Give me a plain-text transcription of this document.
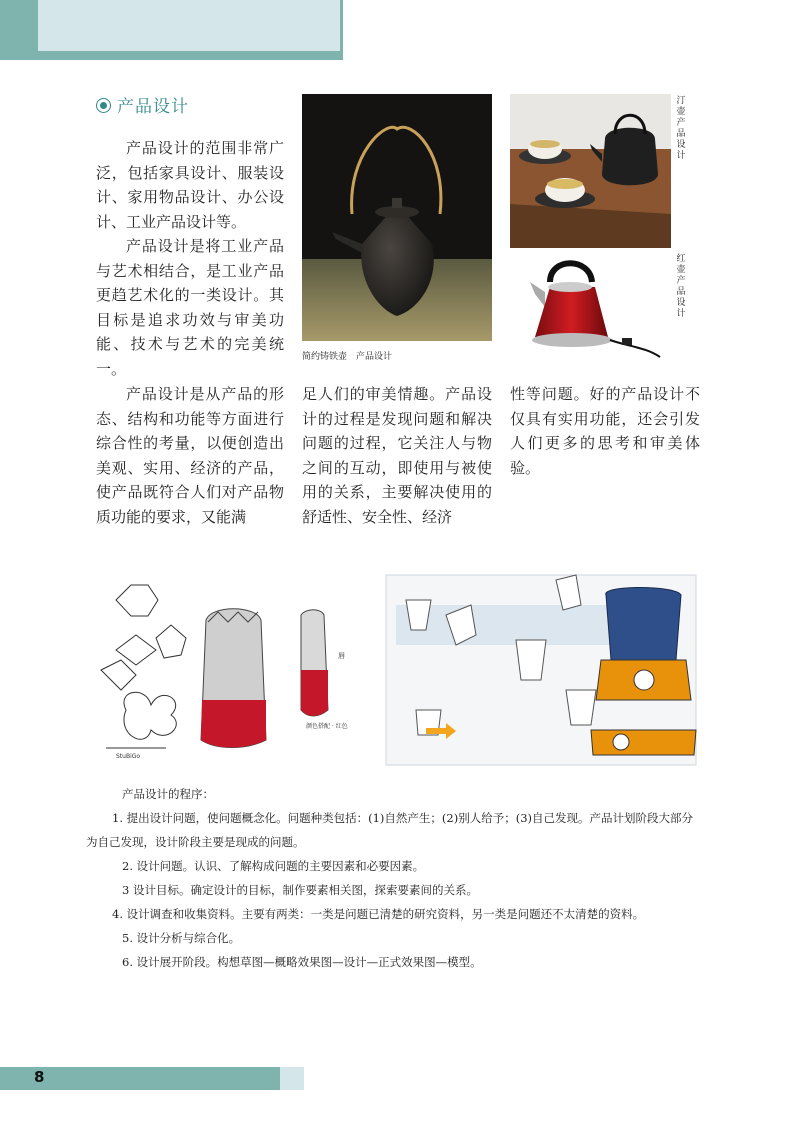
产品设计

产品设计的范围非常广泛，包括家具设计、服装设计、家用物品设计、办公设计、工业产品设计等。

产品设计是将工业产品与艺术相结合，是工业产品更趋艺术化的一类设计。其目标是追求功效与审美功能、技术与艺术的完美统一。

简约铸铁壶　产品设计
汀壶　产品设计
红壶　产品设计

产品设计是从产品的形态、结构和功能等方面进行综合性的考量，以便创造出美观、实用、经济的产品，使产品既符合人们对产品物质功能的要求，又能满

足人们的审美情趣。产品设计的过程是发现问题和解决问题的过程，它关注人与物之间的互动，即使用与被使用的关系，主要解决使用的舒适性、安全性、经济

性等问题。好的产品设计不仅具有实用功能，还会引发人们更多的思考和审美体验。

StuBiGo
唇
颜色搭配 · 红色

产品设计的程序：

1. 提出设计问题，使问题概念化。问题种类包括：(1)自然产生；(2)别人给予；(3)自己发现。产品计划阶段大部分为自己发现，设计阶段主要是现成的问题。

2. 设计问题。认识、了解构成问题的主要因素和必要因素。

3 设计目标。确定设计的目标，制作要素相关图，探索要素间的关系。

4. 设计调查和收集资料。主要有两类：一类是问题已清楚的研究资料，另一类是问题还不太清楚的资料。

5. 设计分析与综合化。

6. 设计展开阶段。构想草图—概略效果图—设计—正式效果图—模型。

8
